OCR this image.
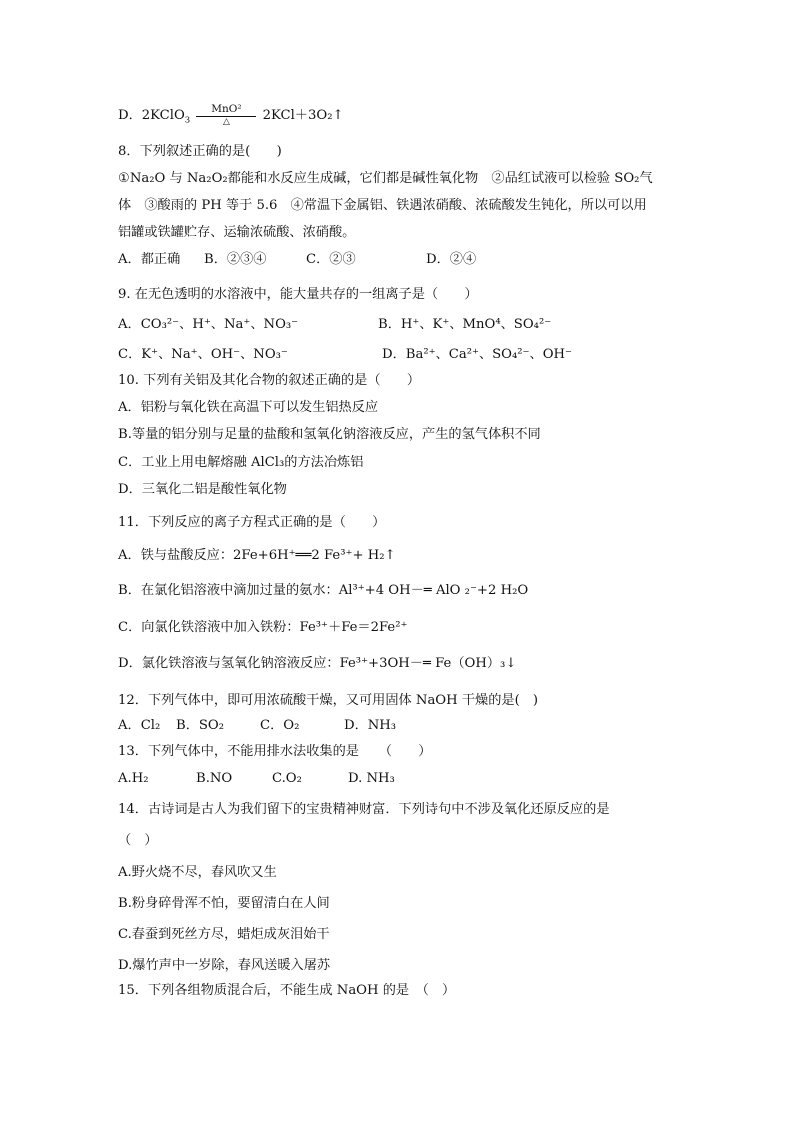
D．2KClO$_3$
MnO²
△	2KCl＋3O₂↑
8．下列叙述正确的是(　　)
①Na₂O 与 Na₂O₂都能和水反应生成碱，它们都是碱性氧化物　②品红试液可以检验 SO₂气
体　③酸雨的 PH 等于 5.6　④常温下金属铝、铁遇浓硝酸、浓硫酸发生钝化，所以可以用
铝罐或铁罐贮存、运输浓硫酸、浓硝酸。
A．都正确 B．②③④	C．②③	D．②④
9. 在无色透明的水溶液中，能大量共存的一组离子是（　　）
A．CO₃²⁻、H⁺、Na⁺、NO₃⁻	B．H⁺、K⁺、MnO⁴、SO₄²⁻
C．K⁺、Na⁺、OH⁻、NO₃⁻	D．Ba²⁺、Ca²⁺、SO₄²⁻、OH⁻
10. 下列有关铝及其化合物的叙述正确的是（　　）
A．铝粉与氧化铁在高温下可以发生铝热反应
B.等量的铝分别与足量的盐酸和氢氧化钠溶液反应，产生的氢气体积不同
C．工业上用电解熔融 AlCl₃的方法冶炼铝
D．三氧化二铝是酸性氧化物
11．下列反应的离子方程式正确的是（　　）
A．铁与盐酸反应：2Fe+6H⁺══2 Fe³⁺+ H₂↑
B．在氯化铝溶液中滴加过量的氨水：Al³⁺+4 OH－═ AlO ₂⁻+2 H₂O
C．向氯化铁溶液中加入铁粉：Fe³⁺＋Fe＝2Fe²⁺
D．氯化铁溶液与氢氧化钠溶液反应：Fe³⁺+3OH－═ Fe（OH）₃↓
12．下列气体中，即可用浓硫酸干燥，又可用固体 NaOH 干燥的是(　)
A．Cl₂ B．SO₂	C．O₂	D．NH₃
13．下列气体中，不能用排水法收集的是　　（　　）
A.H₂	B.NO	C.O₂	D. NH₃
14．古诗词是古人为我们留下的宝贵精神财富．下列诗句中不涉及氧化还原反应的是
（　）
A.野火烧不尽，春风吹又生
B.粉身碎骨浑不怕，要留清白在人间
C.春蚕到死丝方尽，蜡炬成灰泪始干
D.爆竹声中一岁除，春风送暖入屠苏
15．下列各组物质混合后，不能生成 NaOH 的是　（　）
